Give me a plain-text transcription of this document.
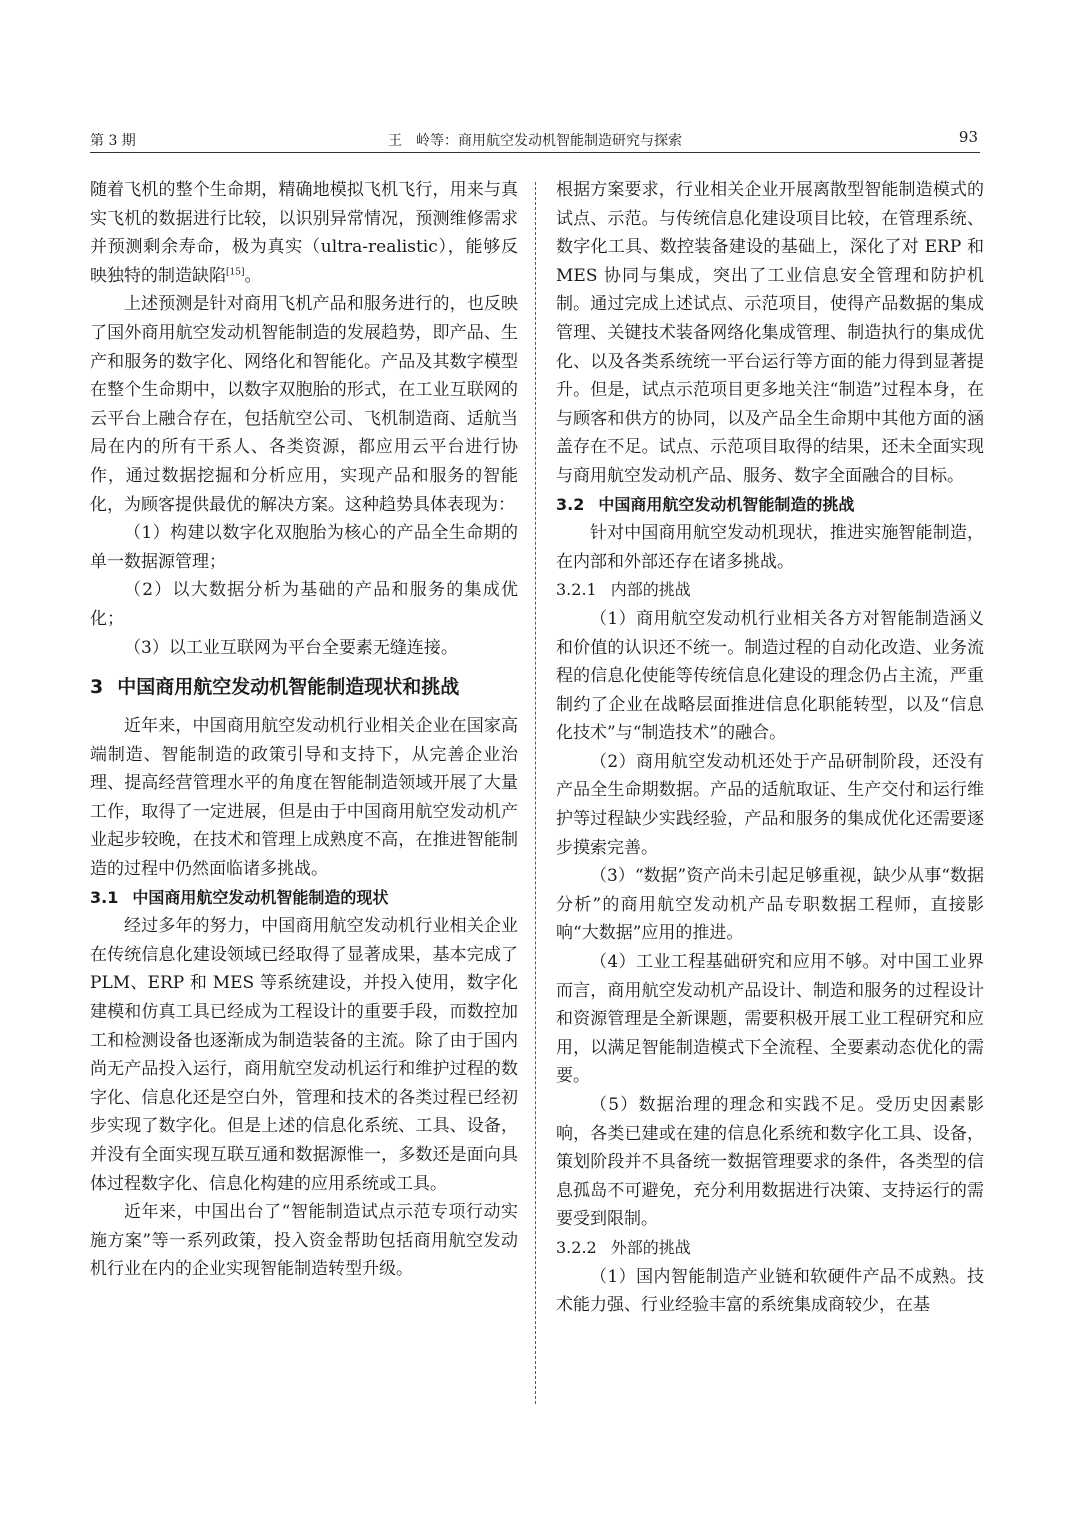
第 3 期	王　岭等：商用航空发动机智能制造研究与探索	93

随着飞机的整个生命期，精确地模拟飞机飞行，用来与真实飞机的数据进行比较，以识别异常情况，预测维修需求并预测剩余寿命，极为真实（ultra-realistic），能够反映独特的制造缺陷[15]。

上述预测是针对商用飞机产品和服务进行的，也反映了国外商用航空发动机智能制造的发展趋势，即产品、生产和服务的数字化、网络化和智能化。产品及其数字模型在整个生命期中，以数字双胞胎的形式，在工业互联网的云平台上融合存在，包括航空公司、飞机制造商、适航当局在内的所有干系人、各类资源，都应用云平台进行协作，通过数据挖掘和分析应用，实现产品和服务的智能化，为顾客提供最优的解决方案。这种趋势具体表现为：

（1）构建以数字化双胞胎为核心的产品全生命期的单一数据源管理；

（2）以大数据分析为基础的产品和服务的集成优化；

（3）以工业互联网为平台全要素无缝连接。

3 中国商用航空发动机智能制造现状和挑战

近年来，中国商用航空发动机行业相关企业在国家高端制造、智能制造的政策引导和支持下，从完善企业治理、提高经营管理水平的角度在智能制造领域开展了大量工作，取得了一定进展，但是由于中国商用航空发动机产业起步较晚，在技术和管理上成熟度不高，在推进智能制造的过程中仍然面临诸多挑战。

3.1 中国商用航空发动机智能制造的现状

经过多年的努力，中国商用航空发动机行业相关企业在传统信息化建设领域已经取得了显著成果，基本完成了 PLM、ERP 和 MES 等系统建设，并投入使用，数字化建模和仿真工具已经成为工程设计的重要手段，而数控加工和检测设备也逐渐成为制造装备的主流。除了由于国内尚无产品投入运行，商用航空发动机运行和维护过程的数字化、信息化还是空白外，管理和技术的各类过程已经初步实现了数字化。但是上述的信息化系统、工具、设备，并没有全面实现互联互通和数据源惟一，多数还是面向具体过程数字化、信息化构建的应用系统或工具。

近年来，中国出台了“智能制造试点示范专项行动实施方案”等一系列政策，投入资金帮助包括商用航空发动机行业在内的企业实现智能制造转型升级。

根据方案要求，行业相关企业开展离散型智能制造模式的试点、示范。与传统信息化建设项目比较，在管理系统、数字化工具、数控装备建设的基础上，深化了对 ERP 和 MES 协同与集成，突出了工业信息安全管理和防护机制。通过完成上述试点、示范项目，使得产品数据的集成管理、关键技术装备网络化集成管理、制造执行的集成优化、以及各类系统统一平台运行等方面的能力得到显著提升。但是，试点示范项目更多地关注“制造”过程本身，在与顾客和供方的协同，以及产品全生命期中其他方面的涵盖存在不足。试点、示范项目取得的结果，还未全面实现与商用航空发动机产品、服务、数字全面融合的目标。

3.2 中国商用航空发动机智能制造的挑战

针对中国商用航空发动机现状，推进实施智能制造，在内部和外部还存在诸多挑战。

3.2.1 内部的挑战

（1）商用航空发动机行业相关各方对智能制造涵义和价值的认识还不统一。制造过程的自动化改造、业务流程的信息化使能等传统信息化建设的理念仍占主流，严重制约了企业在战略层面推进信息化职能转型，以及“信息化技术”与“制造技术”的融合。

（2）商用航空发动机还处于产品研制阶段，还没有产品全生命期数据。产品的适航取证、生产交付和运行维护等过程缺少实践经验，产品和服务的集成优化还需要逐步摸索完善。

（3）“数据”资产尚未引起足够重视，缺少从事“数据分析”的商用航空发动机产品专职数据工程师，直接影响“大数据”应用的推进。

（4）工业工程基础研究和应用不够。对中国工业界而言，商用航空发动机产品设计、制造和服务的过程设计和资源管理是全新课题，需要积极开展工业工程研究和应用，以满足智能制造模式下全流程、全要素动态优化的需要。

（5）数据治理的理念和实践不足。受历史因素影响，各类已建或在建的信息化系统和数字化工具、设备，策划阶段并不具备统一数据管理要求的条件，各类型的信息孤岛不可避免，充分利用数据进行决策、支持运行的需要受到限制。

3.2.2 外部的挑战

（1）国内智能制造产业链和软硬件产品不成熟。技术能力强、行业经验丰富的系统集成商较少，在基
